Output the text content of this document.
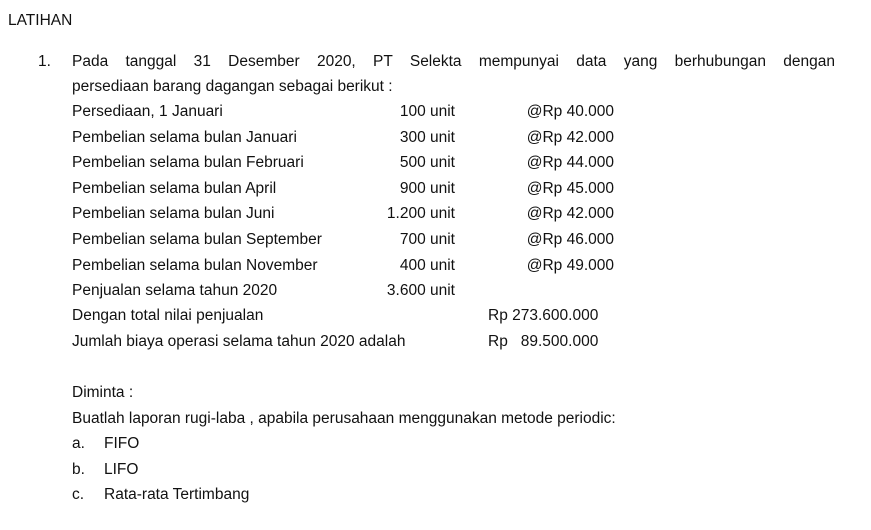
LATIHAN
1. Pada tanggal 31 Desember 2020, PT Selekta mempunyai data yang berhubungan dengan
persediaan barang dagangan sebagai berikut :
Persediaan, 1 Januari	100 unit	@Rp 40.000
Pembelian selama bulan Januari	300 unit	@Rp 42.000
Pembelian selama bulan Februari	500 unit	@Rp 44.000
Pembelian selama bulan April	900 unit	@Rp 45.000
Pembelian selama bulan Juni	1.200 unit	@Rp 42.000
Pembelian selama bulan September	700 unit	@Rp 46.000
Pembelian selama bulan November	400 unit	@Rp 49.000
Penjualan selama tahun 2020	3.600 unit
Dengan total nilai penjualan	Rp 273.600.000
Jumlah biaya operasi selama tahun 2020 adalah	Rp   89.500.000
Diminta :
Buatlah laporan rugi-laba , apabila perusahaan menggunakan metode periodic:
a. FIFO
b. LIFO
c. Rata-rata Tertimbang
